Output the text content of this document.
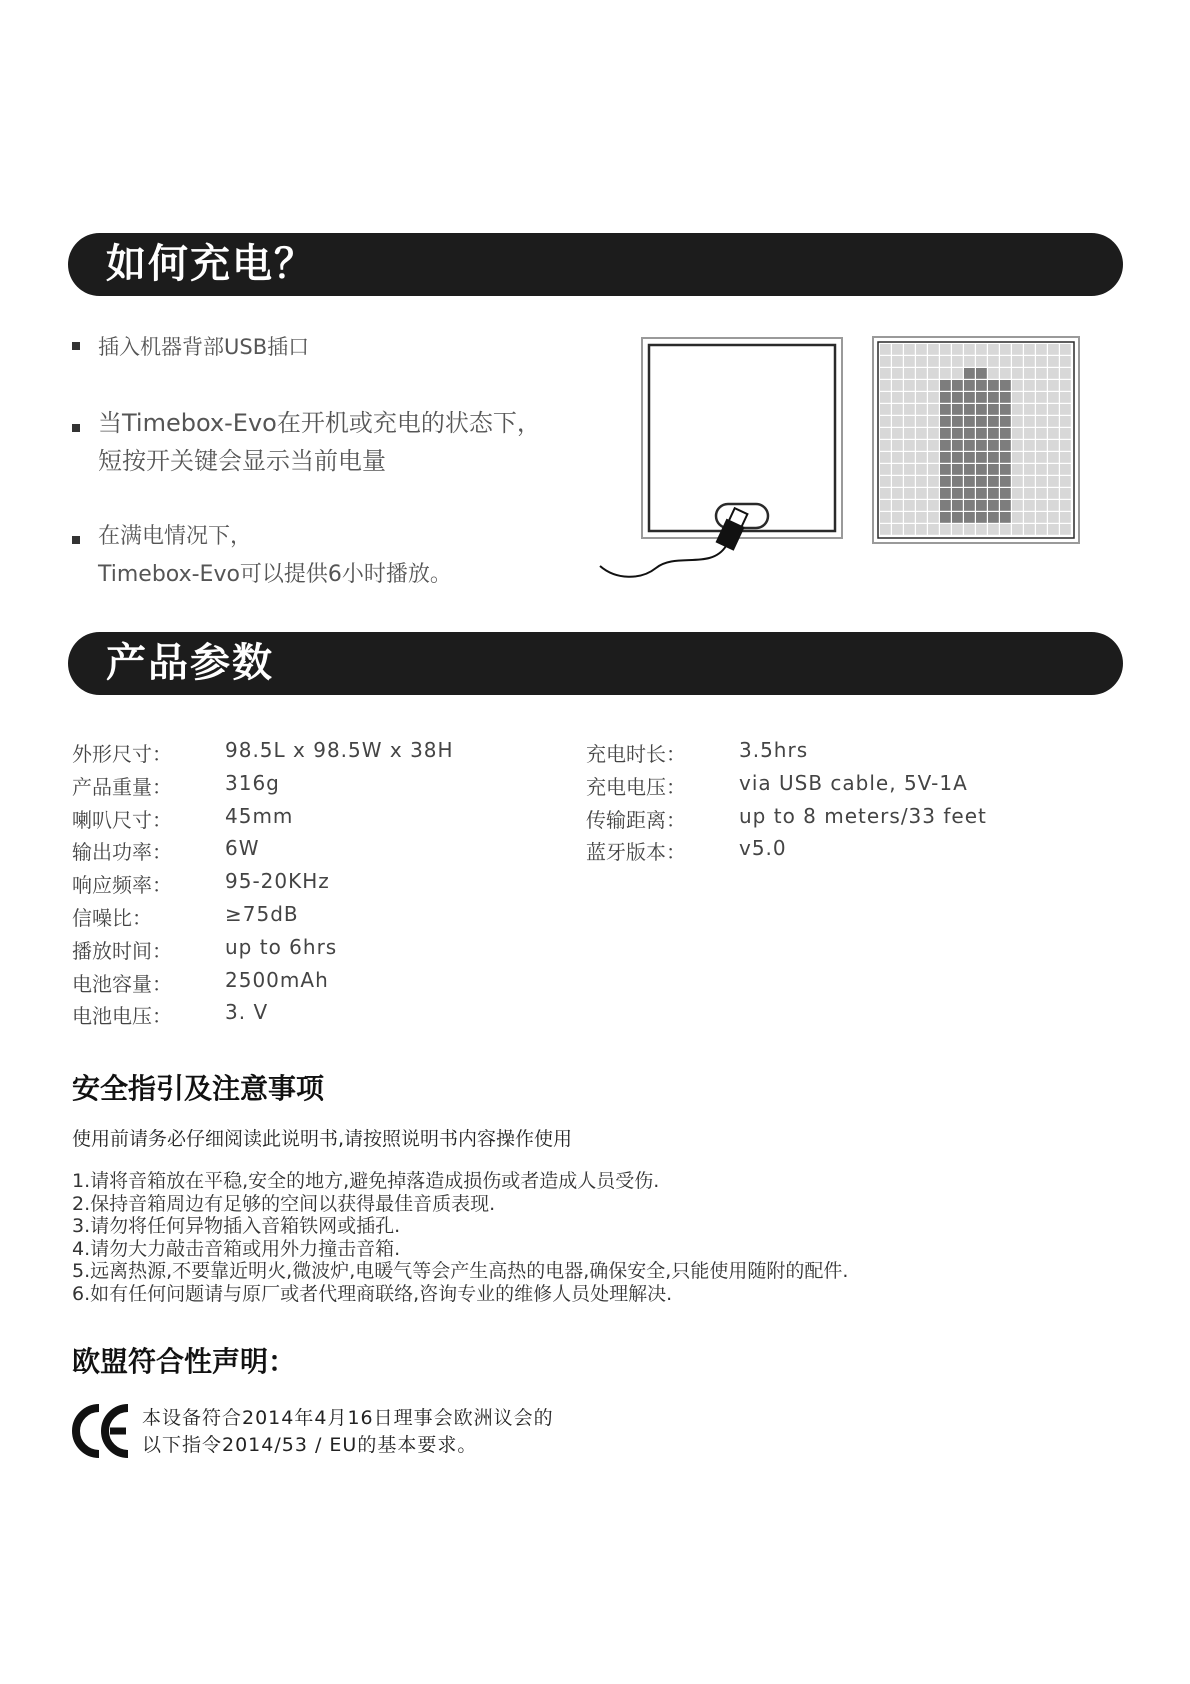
如何充电？
插入机器背部USB插口
当Timebox-Evo在开机或充电的状态下，
短按开关键会显示当前电量
在满电情况下，
Timebox-Evo可以提供6小时播放。
产品参数
外形尺寸：	98.5L x 98.5W x 38H
产品重量：	316g
喇叭尺寸：	45mm
输出功率：	6W
响应频率：	95-20KHz
信噪比：	≥75dB
播放时间：	up to 6hrs
电池容量：	2500mAh
电池电压：	3. V
充电时长：	3.5hrs
充电电压：	via USB cable, 5V-1A
传输距离：	up to 8 meters/33 feet
蓝牙版本：	v5.0
安全指引及注意事项
使用前请务必仔细阅读此说明书,请按照说明书内容操作使用
1.请将音箱放在平稳,安全的地方,避免掉落造成损伤或者造成人员受伤.
2.保持音箱周边有足够的空间以获得最佳音质表现.
3.请勿将任何异物插入音箱铁网或插孔.
4.请勿大力敲击音箱或用外力撞击音箱.
5.远离热源,不要靠近明火,微波炉,电暖气等会产生高热的电器,确保安全,只能使用随附的配件.
6.如有任何问题请与原厂或者代理商联络,咨询专业的维修人员处理解决.
欧盟符合性声明：
本设备符合2014年4月16日理事会欧洲议会的
以下指令2014/53 / EU的基本要求。
